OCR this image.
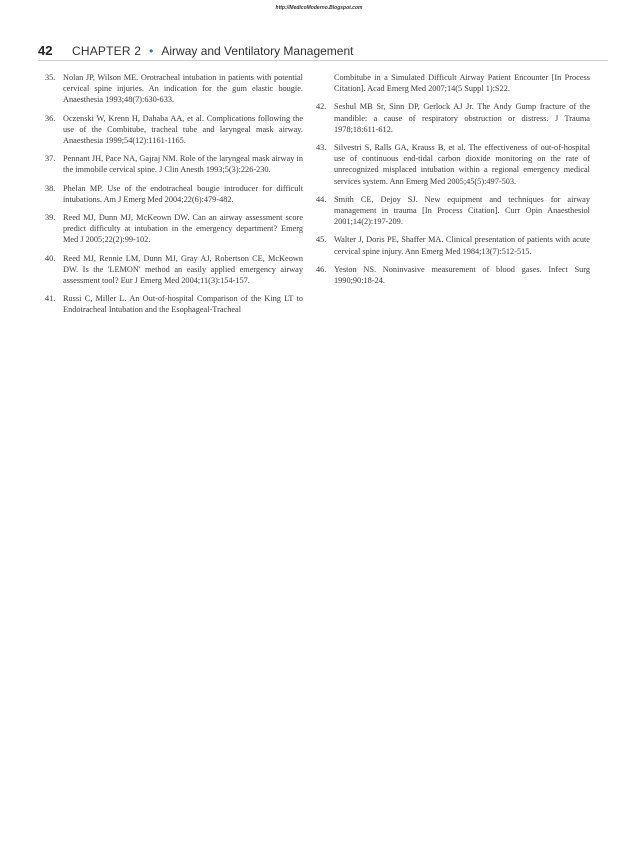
http://MedicoModerno.Blogspot.com
42	CHAPTER 2 • Airway and Ventilatory Management
35. Nolan JP, Wilson ME. Orotracheal intubation in patients with potential cervical spine injuries. An indication for the gum elastic bougie. Anaesthesia 1993;48(7):630-633.
36. Oczenski W, Krenn H, Dahaba AA, et al. Complications following the use of the Combitube, tracheal tube and laryngeal mask airway. Anaesthesia 1999;54(12):1161-1165.
37. Pennant JH, Pace NA, Gajraj NM. Role of the laryngeal mask airway in the immobile cervical spine. J Clin Anesth 1993;5(3):226-230.
38. Phelan MP. Use of the endotracheal bougie introducer for difficult intubations. Am J Emerg Med 2004;22(6):479-482.
39. Reed MJ, Dunn MJ, McKeown DW. Can an airway assessment score predict difficulty at intubation in the emergency department? Emerg Med J 2005;22(2):99-102.
40. Reed MJ, Rennie LM, Dunn MJ, Gray AJ, Robertson CE, McKeown DW. Is the 'LEMON' method an easily applied emergency airway assessment tool? Eur J Emerg Med 2004;11(3):154-157.
41. Russi C, Miller L. An Out-of-hospital Comparison of the King LT to Endotracheal Intubation and the Esophageal-Tracheal
Combitube in a Simulated Difficult Airway Patient Encounter [In Process Citation]. Acad Emerg Med 2007;14(5 Suppl 1):S22.
42. Seshul MB Sr, Sinn DP, Gerlock AJ Jr. The Andy Gump fracture of the mandible: a cause of respiratory obstruction or distress. J Trauma 1978;18:611-612.
43. Silvestri S, Ralls GA, Krauss B, et al. The effectiveness of out-of-hospital use of continuous end-tidal carbon dioxide monitoring on the rate of unrecognized misplaced intubation within a regional emergency medical services system. Ann Emerg Med 2005;45(5):497-503.
44. Smith CE, Dejoy SJ. New equipment and techniques for airway management in trauma [In Process Citation]. Curr Opin Anaesthesiol 2001;14(2):197-209.
45. Walter J, Doris PE, Shaffer MA. Clinical presentation of patients with acute cervical spine injury. Ann Emerg Med 1984;13(7):512-515.
46. Yeston NS. Noninvasive measurement of blood gases. Infect Surg 1990;90:18-24.
